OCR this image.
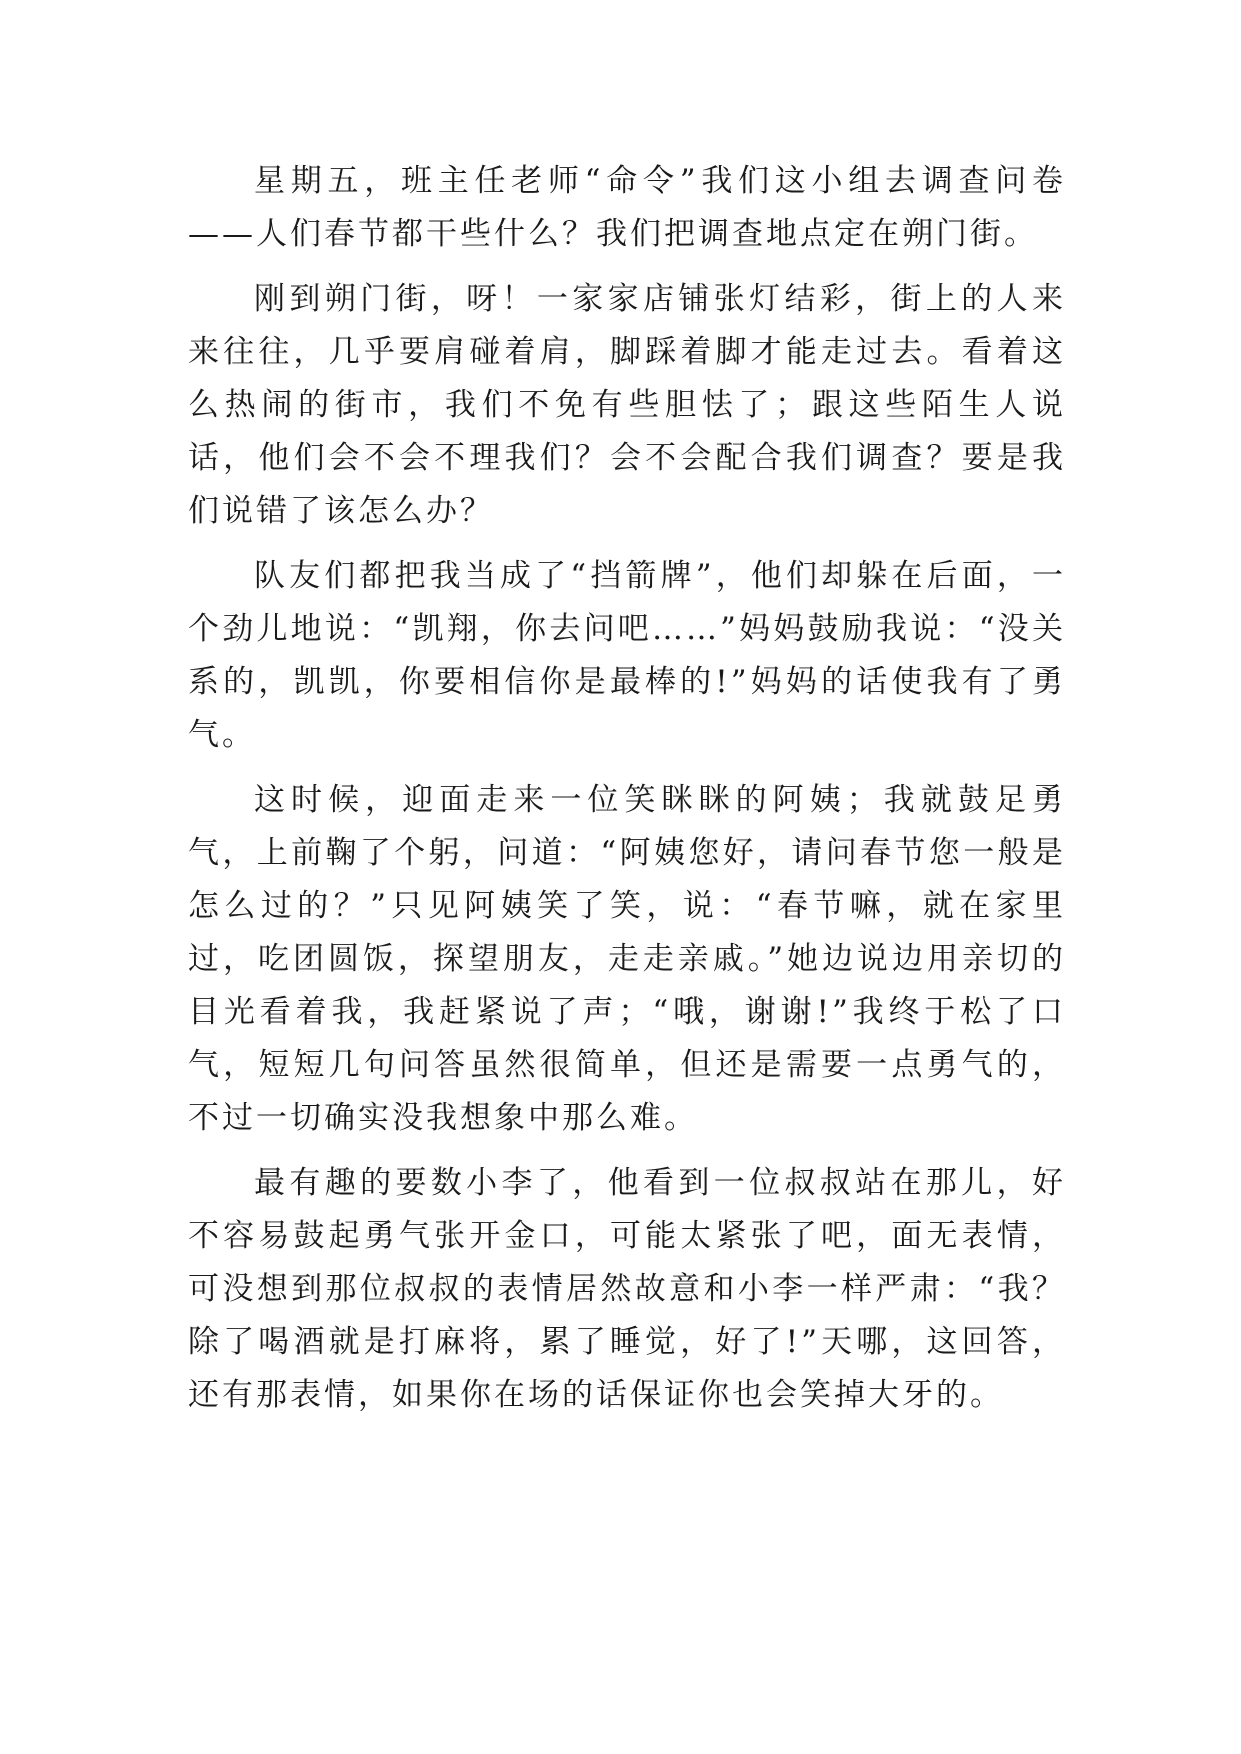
星期五，班主任老师“命令”我们这小组去调查问卷——人们春节都干些什么？我们把调查地点定在朔门街。

刚到朔门街，呀！一家家店铺张灯结彩，街上的人来来往往，几乎要肩碰着肩，脚踩着脚才能走过去。看着这么热闹的街市，我们不免有些胆怯了；跟这些陌生人说话，他们会不会不理我们？会不会配合我们调查？要是我们说错了该怎么办？

队友们都把我当成了“挡箭牌”，他们却躲在后面，一个劲儿地说：“凯翔，你去问吧……”妈妈鼓励我说：“没关系的，凯凯，你要相信你是最棒的!”妈妈的话使我有了勇气。

这时候，迎面走来一位笑眯眯的阿姨；我就鼓足勇气，上前鞠了个躬，问道：“阿姨您好，请问春节您一般是怎么过的？”只见阿姨笑了笑，说：“春节嘛，就在家里过，吃团圆饭，探望朋友，走走亲戚。”她边说边用亲切的目光看着我，我赶紧说了声；“哦，谢谢!”我终于松了口气，短短几句问答虽然很简单，但还是需要一点勇气的，不过一切确实没我想象中那么难。

最有趣的要数小李了，他看到一位叔叔站在那儿，好不容易鼓起勇气张开金口，可能太紧张了吧，面无表情，可没想到那位叔叔的表情居然故意和小李一样严肃：“我？除了喝酒就是打麻将，累了睡觉，好了!”天哪，这回答，还有那表情，如果你在场的话保证你也会笑掉大牙的。
